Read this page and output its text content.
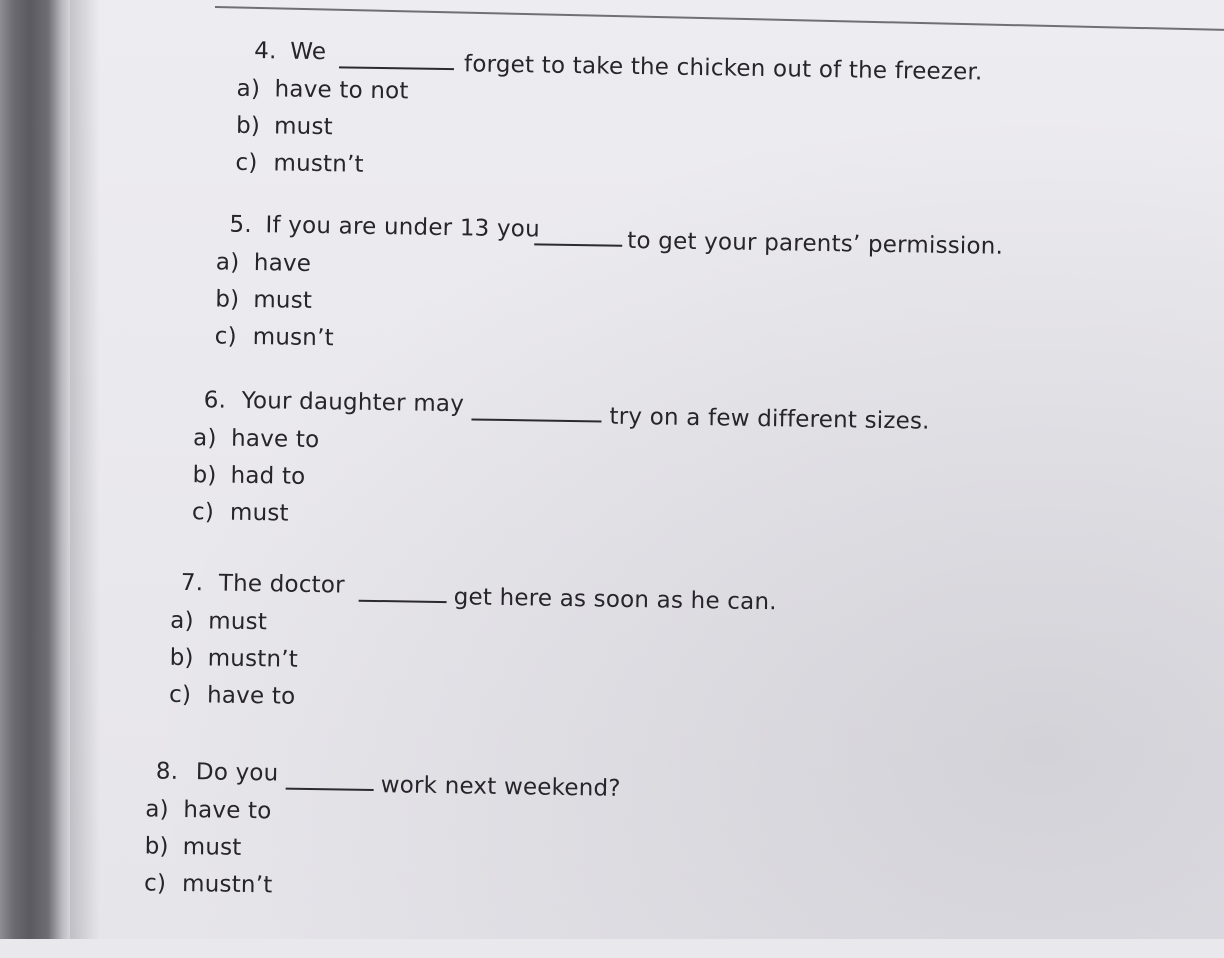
4. We	forget to take the chicken out of the freezer.
a) have to not
b) must
c) mustn’t
5. If you are under 13 you
to get your parents’ permission.
a) have
b) must
c) musn’t
6. Your daughter may
try on a few different sizes.
a) have to
b) had to
c) must
7. The doctor	get here as soon as he can.
a) must
b) mustn’t
c) have to
8. Do you	work next weekend?
a) have to
b) must
c) mustn’t
